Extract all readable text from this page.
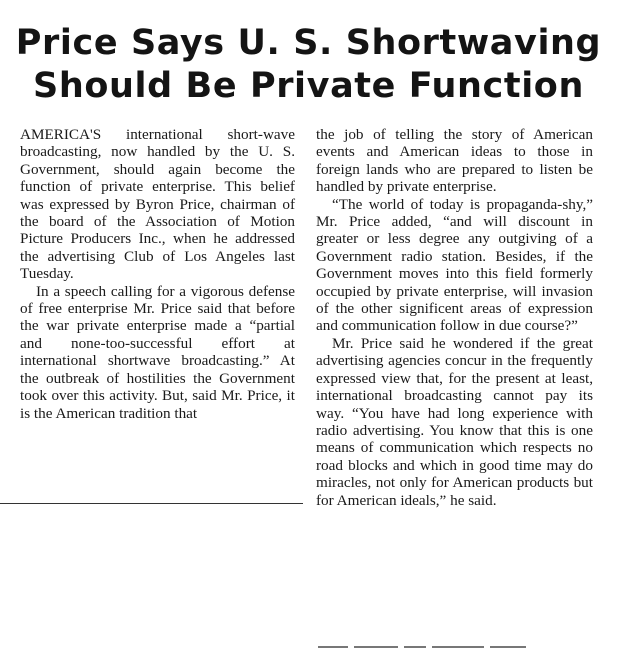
Price Says U. S. Shortwaving
Should Be Private Function

AMERICA'S international short-wave broadcasting, now handled by the U. S. Government, should again become the function of private enterprise. This belief was expressed by Byron Price, chairman of the board of the Association of Motion Picture Producers Inc., when he addressed the advertising Club of Los Angeles last Tuesday.

In a speech calling for a vigorous defense of free enterprise Mr. Price said that before the war private enterprise made a “partial and none-too-successful effort at international shortwave broadcasting.” At the outbreak of hostilities the Government took over this activity. But, said Mr. Price, it is the American tradition that

the job of telling the story of American events and American ideas to those in foreign lands who are prepared to listen be handled by private enterprise.

“The world of today is propaganda-shy,” Mr. Price added, “and will discount in greater or less degree any outgiving of a Government radio station. Besides, if the Government moves into this field formerly occupied by private enterprise, will invasion of the other significent areas of expression and communication follow in due course?”

Mr. Price said he wondered if the great advertising agencies concur in the frequently expressed view that, for the present at least, international broadcasting cannot pay its way. “You have had long experience with radio advertising. You know that this is one means of communication which respects no road blocks and which in good time may do miracles, not only for American products but for American ideals,” he said.
